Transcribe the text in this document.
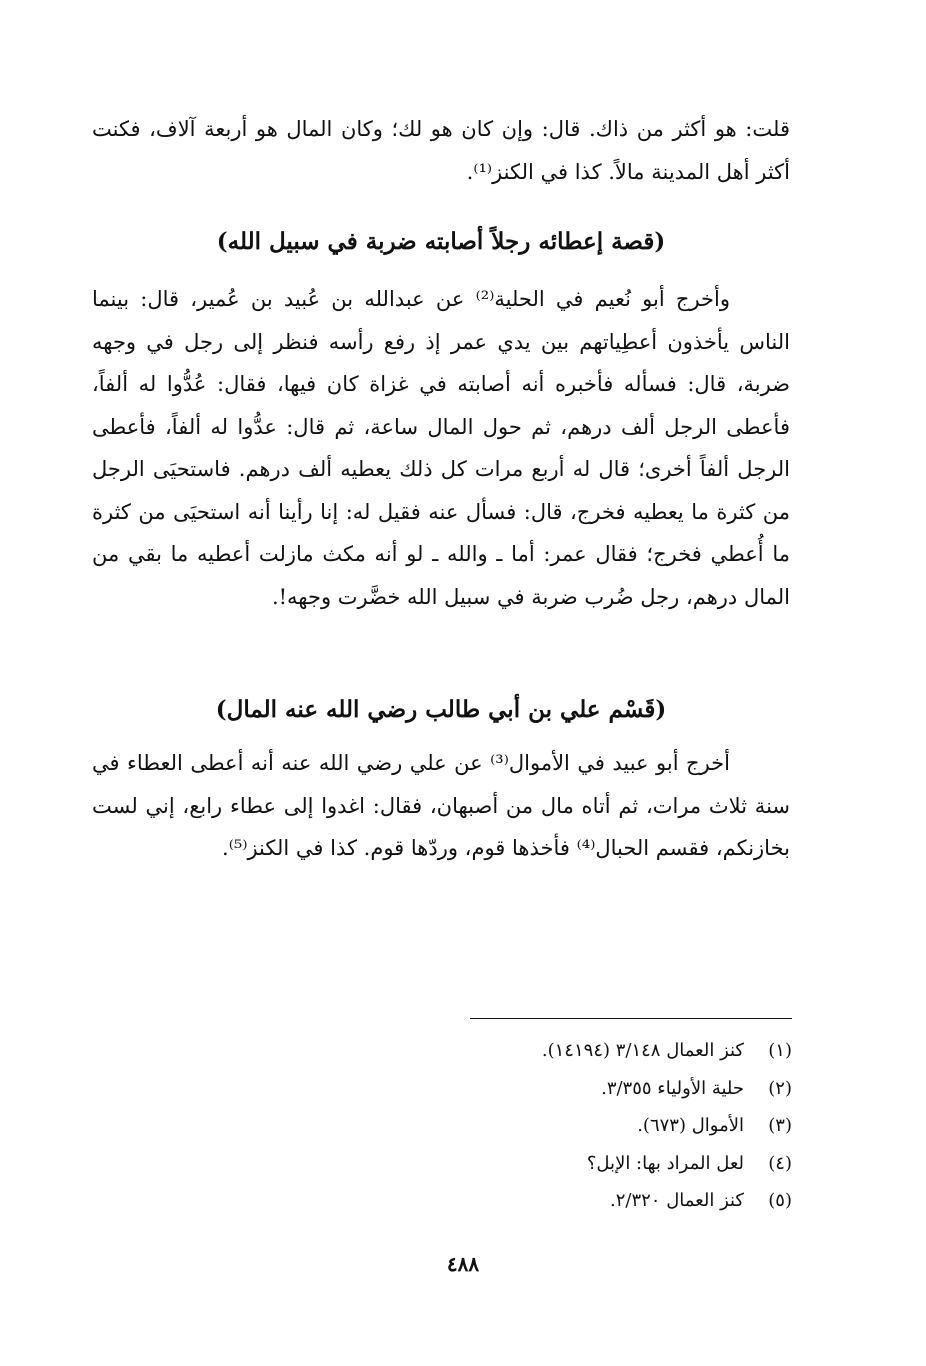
قلت: هو أكثر من ذاك. قال: وإن كان هو لك؛ وكان المال هو أربعة آلاف، فكنت أكثر أهل المدينة مالاً. كذا في الكنز⁽¹⁾.

(قصة إعطائه رجلاً أصابته ضربة في سبيل الله)

وأخرج أبو نُعيم في الحلية⁽²⁾ عن عبدالله بن عُبيد بن عُمير، قال: بينما الناس يأخذون أعطِياتهم بين يدي عمر إذ رفع رأسه فنظر إلى رجل في وجهه ضربة، قال: فسأله فأخبره أنه أصابته في غزاة كان فيها، فقال: عُدُّوا له ألفاً، فأعطى الرجل ألف درهم، ثم حول المال ساعة، ثم قال: عدُّوا له ألفاً، فأعطى الرجل ألفاً أخرى؛ قال له أربع مرات كل ذلك يعطيه ألف درهم. فاستحيَى الرجل من كثرة ما يعطيه فخرج، قال: فسأل عنه فقيل له: إنا رأينا أنه استحيَى من كثرة ما أُعطي فخرج؛ فقال عمر: أما ـ والله ـ لو أنه مكث مازلت أعطيه ما بقي من المال درهم، رجل ضُرب ضربة في سبيل الله خضَّرت وجهه!.

(قَسْم علي بن أبي طالب رضي الله عنه المال)

أخرج أبو عبيد في الأموال⁽³⁾ عن علي رضي الله عنه أنه أعطى العطاء في سنة ثلاث مرات، ثم أتاه مال من أصبهان، فقال: اغدوا إلى عطاء رابع، إني لست بخازنكم، فقسم الحبال⁽⁴⁾ فأخذها قوم، وردّها قوم. كذا في الكنز⁽⁵⁾.

(١)
كنز العمال ٣/١٤٨ (١٤١٩٤).
(٢)
حلية الأولياء ٣/٣٥٥.
(٣)
الأموال (٦٧٣).
(٤)
لعل المراد بها: الإبل؟
(٥)
كنز العمال ٢/٣٢٠.
٤٨٨
